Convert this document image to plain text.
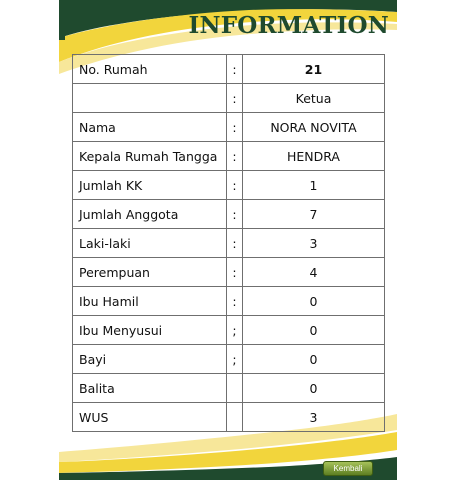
INFORMATION
No. Rumah	:	21
	:	Ketua
Nama	:	NORA NOVITA
Kepala Rumah Tangga	:	HENDRA
Jumlah KK	:	1
Jumlah Anggota	:	7
Laki-laki	:	3
Perempuan	:	4
Ibu Hamil	:	0
Ibu Menyusui	;	0
Bayi	;	0
Balita		0
WUS		3
Kembali
